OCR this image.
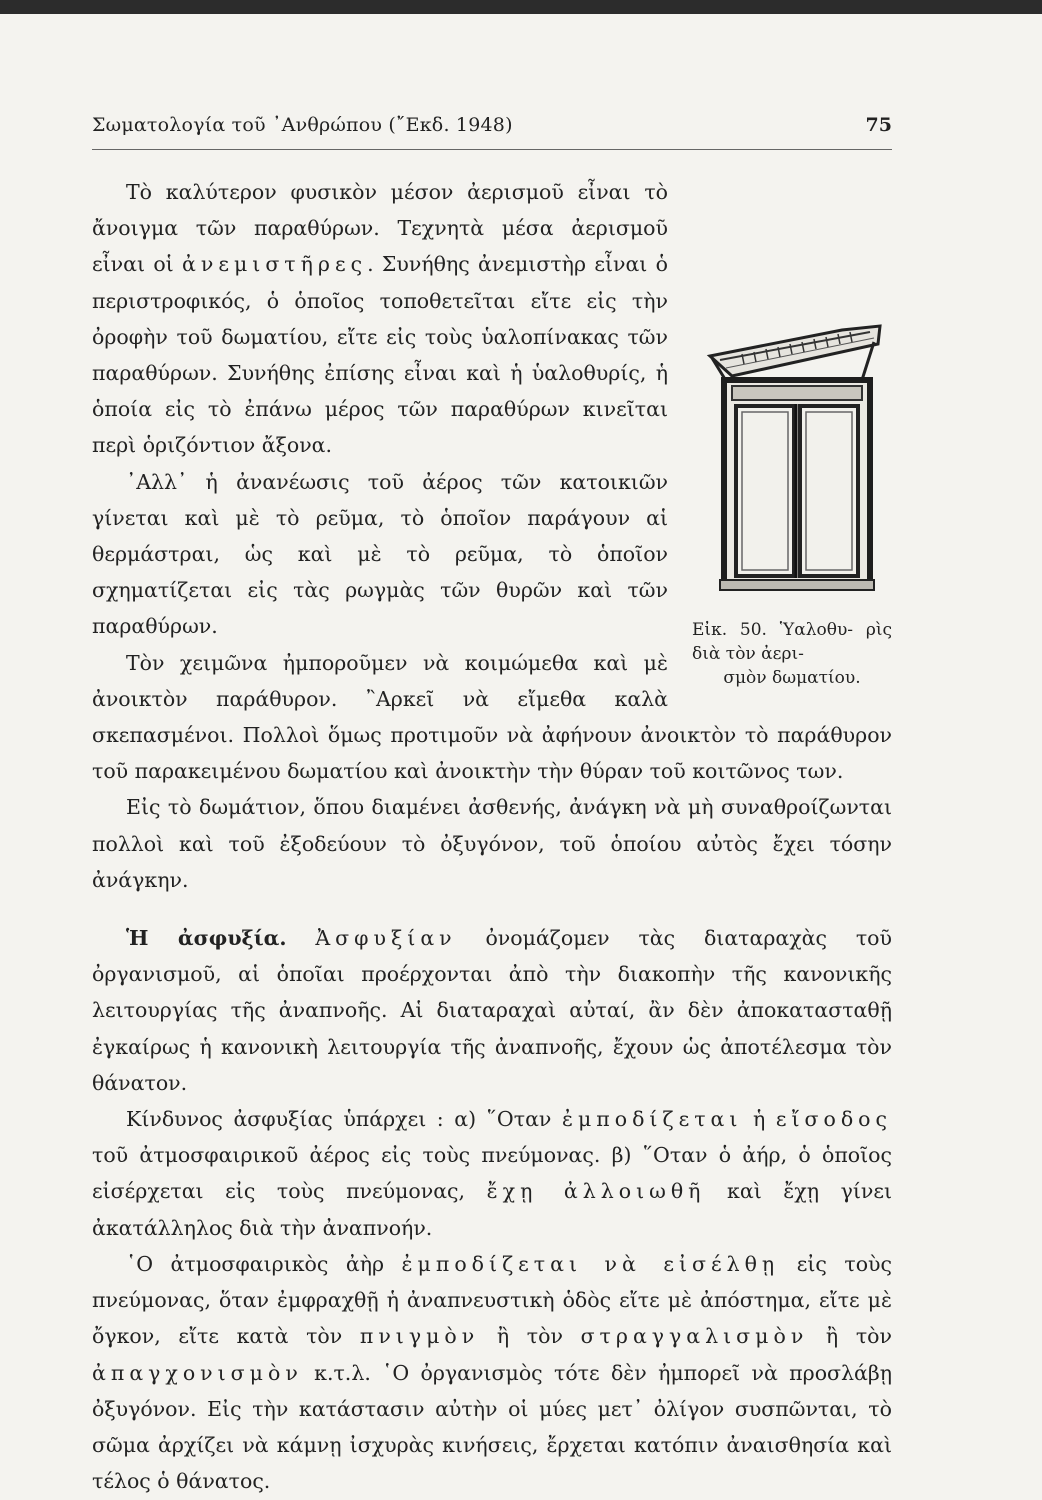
Σωματολογία τοῦ ᾿Ανθρώπου (῎Εκδ. 1948)	75
Εἰκ. 50. Ὑαλοθυ- ρὶς διὰ τὸν ἀερι-
σμὸν δωματίου.

Τὸ καλύτερον φυσικὸν μέσον ἀερισμοῦ εἶναι τὸ ἄνοιγμα τῶν παραθύρων. Τεχνητὰ μέσα ἀερισμοῦ εἶναι οἱ ἀνεμιστῆρες. Συνήθης ἀνεμιστὴρ εἶναι ὁ περιστροφικός, ὁ ὁποῖος τοποθετεῖται εἴτε εἰς τὴν ὀροφὴν τοῦ δωματίου, εἴτε εἰς τοὺς ὑαλοπίνακας τῶν παραθύρων. Συνήθης ἐπίσης εἶναι καὶ ἡ ὑαλοθυρίς, ἡ ὁποία εἰς τὸ ἐπάνω μέρος τῶν παραθύρων κινεῖται περὶ ὁριζόντιον ἄξονα.

᾿Αλλ᾿ ἡ ἀνανέωσις τοῦ ἀέρος τῶν κατοικιῶν γίνεται καὶ μὲ τὸ ρεῦμα, τὸ ὁποῖον παράγουν αἱ θερμάστραι, ὡς καὶ μὲ τὸ ρεῦμα, τὸ ὁποῖον σχηματίζεται εἰς τὰς ρωγμὰς τῶν θυρῶν καὶ τῶν παραθύρων.

Τὸν χειμῶνα ἠμποροῦμεν νὰ κοιμώμεθα καὶ μὲ ἀνοικτὸν παράθυρον. ῍Αρκεῖ νὰ εἴμεθα καλὰ σκεπασμένοι. Πολλοὶ ὅμως προτιμοῦν νὰ ἀφήνουν ἀνοικτὸν τὸ παράθυρον τοῦ παρακειμένου δωματίου καὶ ἀνοικτὴν τὴν θύραν τοῦ κοιτῶνος των.

Εἰς τὸ δωμάτιον, ὅπου διαμένει ἀσθενής, ἀνάγκη νὰ μὴ συναθροίζωνται πολλοὶ καὶ τοῦ ἐξοδεύουν τὸ ὀξυγόνον, τοῦ ὁποίου αὐτὸς ἔχει τόσην ἀνάγκην.

Ἡ ἀσφυξία. Ἀσφυξίαν ὀνομάζομεν τὰς διαταραχὰς τοῦ ὀργανισμοῦ, αἱ ὁποῖαι προέρχονται ἀπὸ τὴν διακοπὴν τῆς κανονικῆς λειτουργίας τῆς ἀναπνοῆς. Αἱ διαταραχαὶ αὐταί, ἂν δὲν ἀποκατασταθῇ ἐγκαίρως ἡ κανονικὴ λειτουργία τῆς ἀναπνοῆς, ἔχουν ὡς ἀποτέλεσμα τὸν θάνατον.

Κίνδυνος ἀσφυξίας ὑπάρχει : α) ῞Οταν ἐμποδίζεται ἡ εἴσοδος τοῦ ἀτμοσφαιρικοῦ ἀέρος εἰς τοὺς πνεύμονας. β) ῞Οταν ὁ ἀήρ, ὁ ὁποῖος εἰσέρχεται εἰς τοὺς πνεύμονας, ἔχῃ ἀλλοιωθῆ καὶ ἔχῃ γίνει ἀκατάλληλος διὰ τὴν ἀναπνοήν.

῾Ο ἀτμοσφαιρικὸς ἀὴρ ἐμποδίζεται νὰ εἰσέλθῃ εἰς τοὺς πνεύμονας, ὅταν ἐμφραχθῇ ἡ ἀναπνευστικὴ ὁδὸς εἴτε μὲ ἀπόστημα, εἴτε μὲ ὄγκον, εἴτε κατὰ τὸν πνιγμὸν ἢ τὸν στραγγαλισμὸν ἢ τὸν ἀπαγχονισμὸν κ.τ.λ. ῾Ο ὀργανισμὸς τότε δὲν ἠμπορεῖ νὰ προσλάβῃ ὀξυγόνον. Εἰς τὴν κατάστασιν αὐτὴν οἱ μύες μετ᾿ ὀλίγον συσπῶνται, τὸ σῶμα ἀρχίζει νὰ κάμνῃ ἰσχυρὰς κινήσεις, ἔρχεται κατόπιν ἀναισθησία καὶ τέλος ὁ θάνατος.
